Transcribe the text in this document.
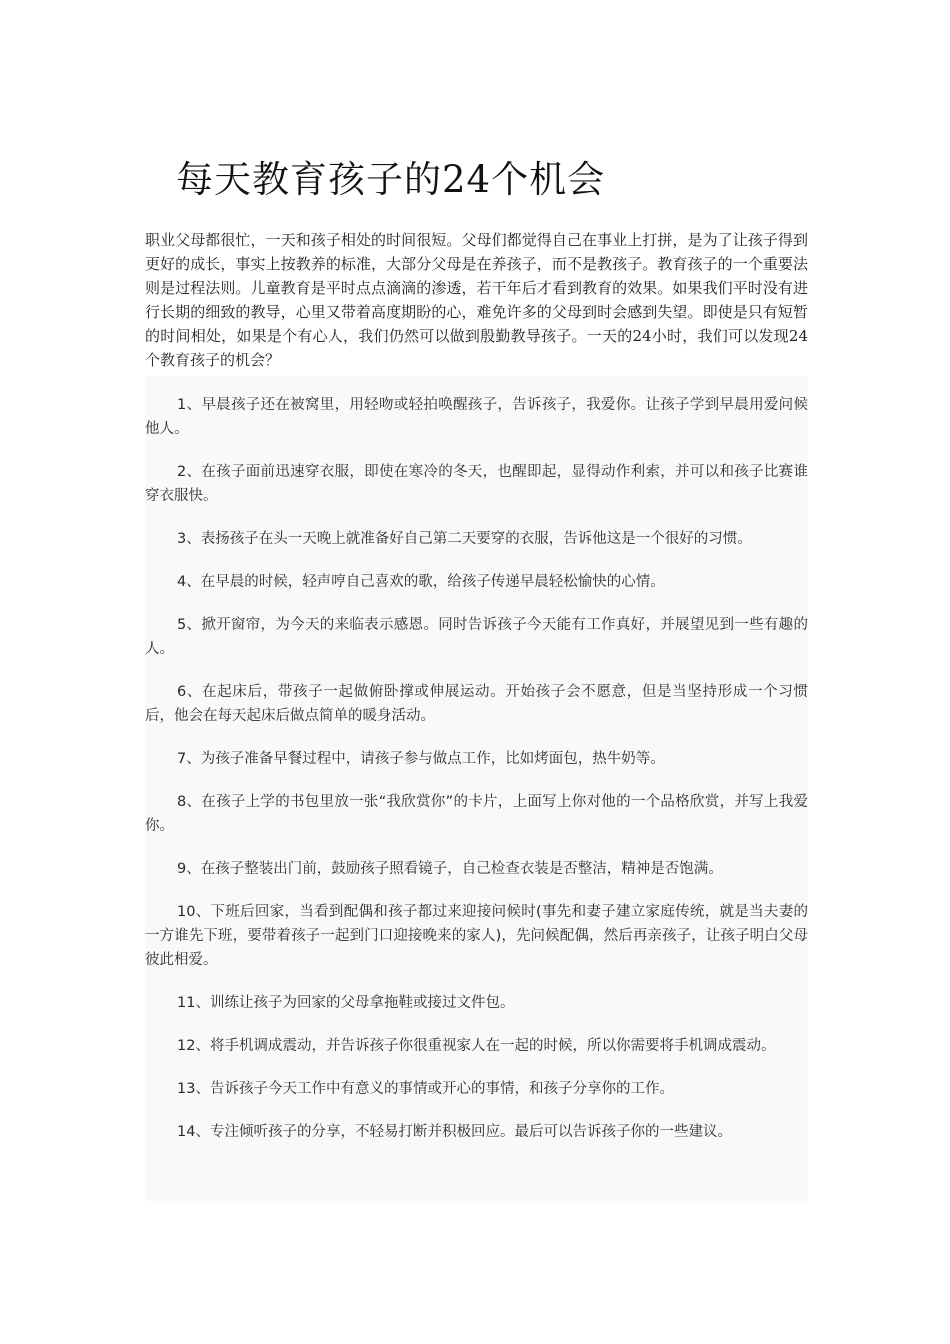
每天教育孩子的24个机会

职业父母都很忙，一天和孩子相处的时间很短。父母们都觉得自己在事业上打拼，是为了让孩子得到更好的成长，事实上按教养的标准，大部分父母是在养孩子，而不是教孩子。教育孩子的一个重要法则是过程法则。儿童教育是平时点点滴滴的渗透，若干年后才看到教育的效果。如果我们平时没有进行长期的细致的教导，心里又带着高度期盼的心，难免许多的父母到时会感到失望。即使是只有短暂的时间相处，如果是个有心人，我们仍然可以做到殷勤教导孩子。一天的24小时，我们可以发现24个教育孩子的机会？

1、早晨孩子还在被窝里，用轻吻或轻拍唤醒孩子，告诉孩子，我爱你。让孩子学到早晨用爱问候他人。

2、在孩子面前迅速穿衣服，即使在寒冷的冬天，也醒即起，显得动作利索，并可以和孩子比赛谁穿衣服快。

3、表扬孩子在头一天晚上就准备好自己第二天要穿的衣服，告诉他这是一个很好的习惯。

4、在早晨的时候，轻声哼自己喜欢的歌，给孩子传递早晨轻松愉快的心情。

5、掀开窗帘，为今天的来临表示感恩。同时告诉孩子今天能有工作真好，并展望见到一些有趣的人。

6、在起床后，带孩子一起做俯卧撑或伸展运动。开始孩子会不愿意，但是当坚持形成一个习惯后，他会在每天起床后做点简单的暖身活动。

7、为孩子准备早餐过程中，请孩子参与做点工作，比如烤面包，热牛奶等。

8、在孩子上学的书包里放一张“我欣赏你”的卡片，上面写上你对他的一个品格欣赏，并写上我爱你。

9、在孩子整装出门前，鼓励孩子照看镜子，自己检查衣装是否整洁，精神是否饱满。

10、下班后回家，当看到配偶和孩子都过来迎接问候时(事先和妻子建立家庭传统，就是当夫妻的一方谁先下班，要带着孩子一起到门口迎接晚来的家人)，先问候配偶，然后再亲孩子，让孩子明白父母彼此相爱。

11、训练让孩子为回家的父母拿拖鞋或接过文件包。

12、将手机调成震动，并告诉孩子你很重视家人在一起的时候，所以你需要将手机调成震动。

13、告诉孩子今天工作中有意义的事情或开心的事情，和孩子分享你的工作。

14、专注倾听孩子的分享，不轻易打断并积极回应。最后可以告诉孩子你的一些建议。
